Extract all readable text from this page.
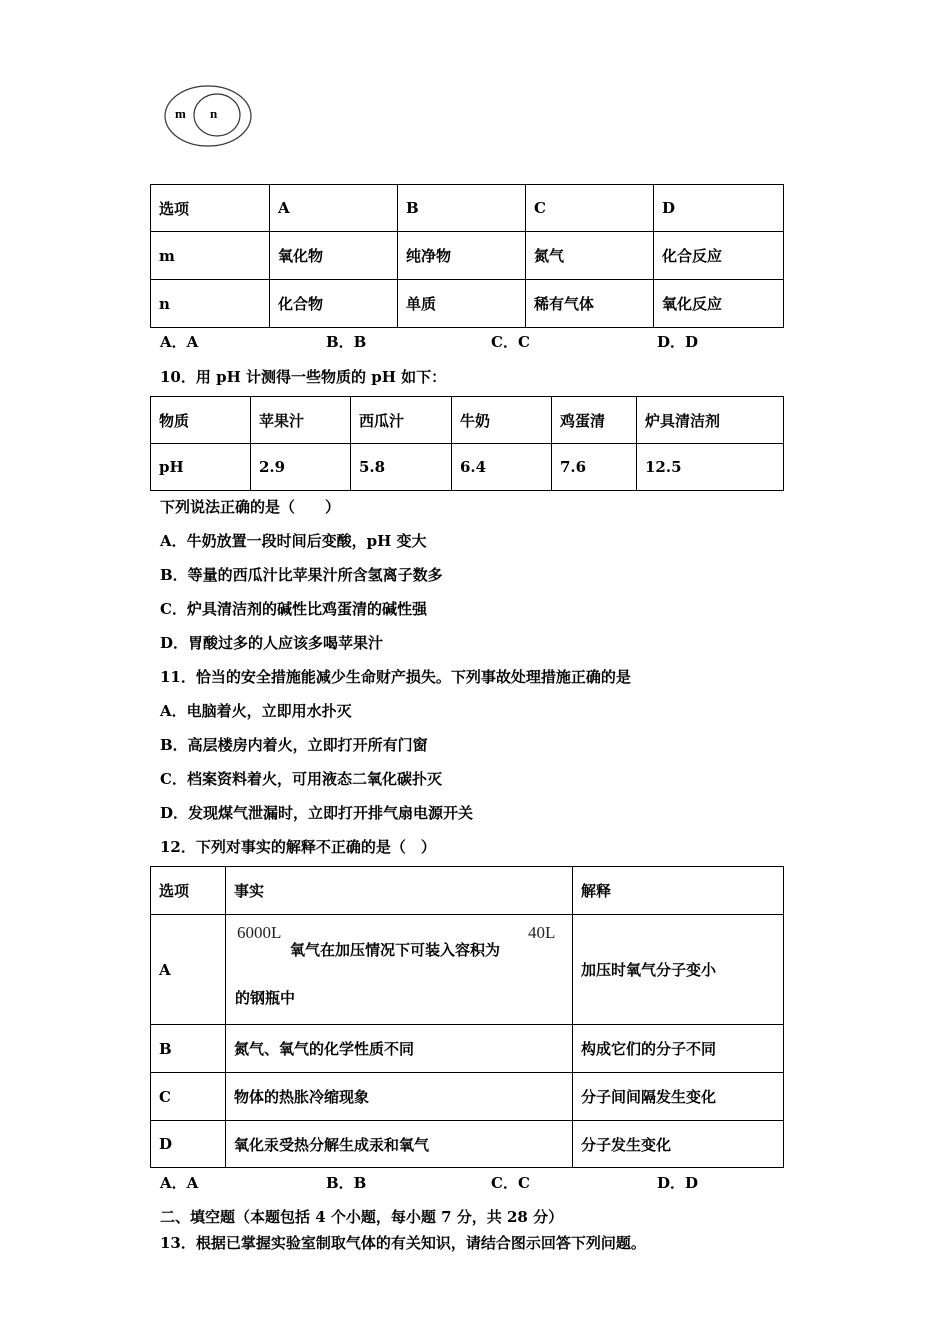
m n
选项	A	B	C	D
m	氧化物	纯净物	氮气	化合反应
n	化合物	单质	稀有气体	氧化反应
A．A	B．B	C．C	D．D
10．用 pH 计测得一些物质的 pH 如下：
物质	苹果汁	西瓜汁	牛奶	鸡蛋清	炉具清洁剂
pH	2.9	5.8	6.4	7.6	12.5
下列说法正确的是（　　）
A．牛奶放置一段时间后变酸，pH 变大
B．等量的西瓜汁比苹果汁所含氢离子数多
C．炉具清洁剂的碱性比鸡蛋清的碱性强
D．胃酸过多的人应该多喝苹果汁
11．恰当的安全措施能减少生命财产损失。下列事故处理措施正确的是
A．电脑着火，立即用水扑灭
B．高层楼房内着火，立即打开所有门窗
C．档案资料着火，可用液态二氧化碳扑灭
D．发现煤气泄漏时，立即打开排气扇电源开关
12．下列对事实的解释不正确的是（　）
选项	事实	解释
A	6000L
氧气在加压情况下可装入容积为
40L
的钢瓶中	加压时氧气分子变小
B	氮气、氧气的化学性质不同	构成它们的分子不同
C	物体的热胀冷缩现象	分子间间隔发生变化
D	氧化汞受热分解生成汞和氧气	分子发生变化
A．A	B．B	C．C	D．D
二、填空题（本题包括 4 个小题，每小题 7 分，共 28 分）
13．根据已掌握实验室制取气体的有关知识，请结合图示回答下列问题。
